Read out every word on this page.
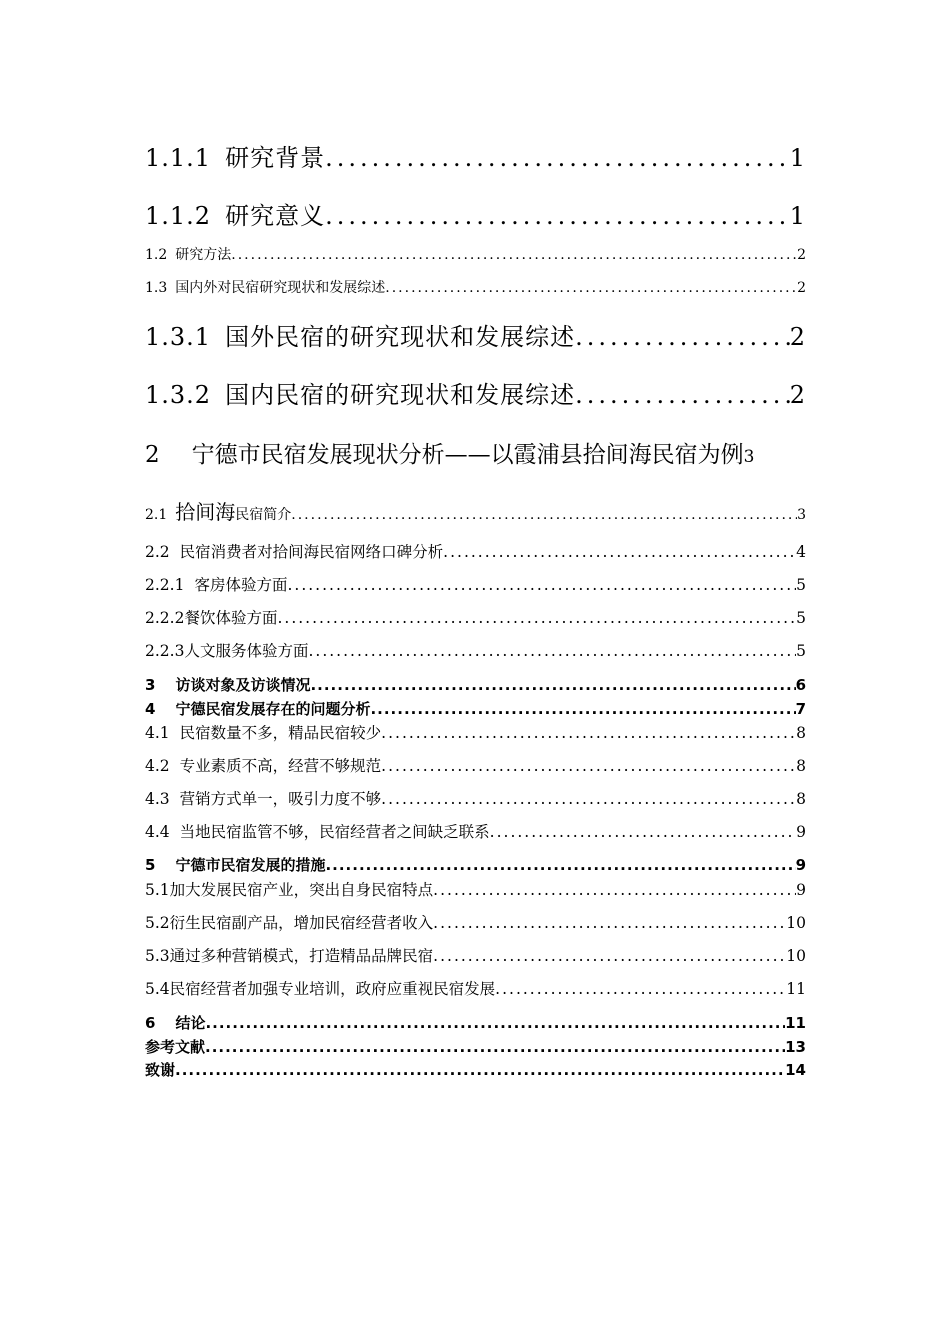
1.1.1 研究背景 .....	1
1.1.2 研究意义 .....	1
1.2 研究方法 .....	2
1.3 国内外对民宿研究现状和发展综述 .....	2
1.3.1 国外民宿的研究现状和发展综述 .....	2
1.3.2 国内民宿的研究现状和发展综述 .....	2
2 宁德市民宿发展现状分析——以霞浦县拾间海民宿为例 3
2.1 拾间海民宿简介 .....	3
2.2 民宿消费者对拾间海民宿网络口碑分析 .....	4
2.2.1 客房体验方面 .....	5
2.2.2 餐饮体验方面 .....	5
2.2.3 人文服务体验方面 .....	5
3 访谈对象及访谈情况 .....	6
4 宁德民宿发展存在的问题分析 .....	7
4.1 民宿数量不多，精品民宿较少 .....	8
4.2 专业素质不高，经营不够规范 .....	8
4.3 营销方式单一，吸引力度不够 .....	8
4.4 当地民宿监管不够，民宿经营者之间缺乏联系 .....	9
5 宁德市民宿发展的措施 .....	9
5.1 加大发展民宿产业，突出自身民宿特点 .....	9
5.2 衍生民宿副产品，增加民宿经营者收入 .....	10
5.3 通过多种营销模式，打造精品品牌民宿 .....	10
5.4 民宿经营者加强专业培训，政府应重视民宿发展 .....	11
6 结论 .....	11
参考文献 .....	13
致谢 .....	14
